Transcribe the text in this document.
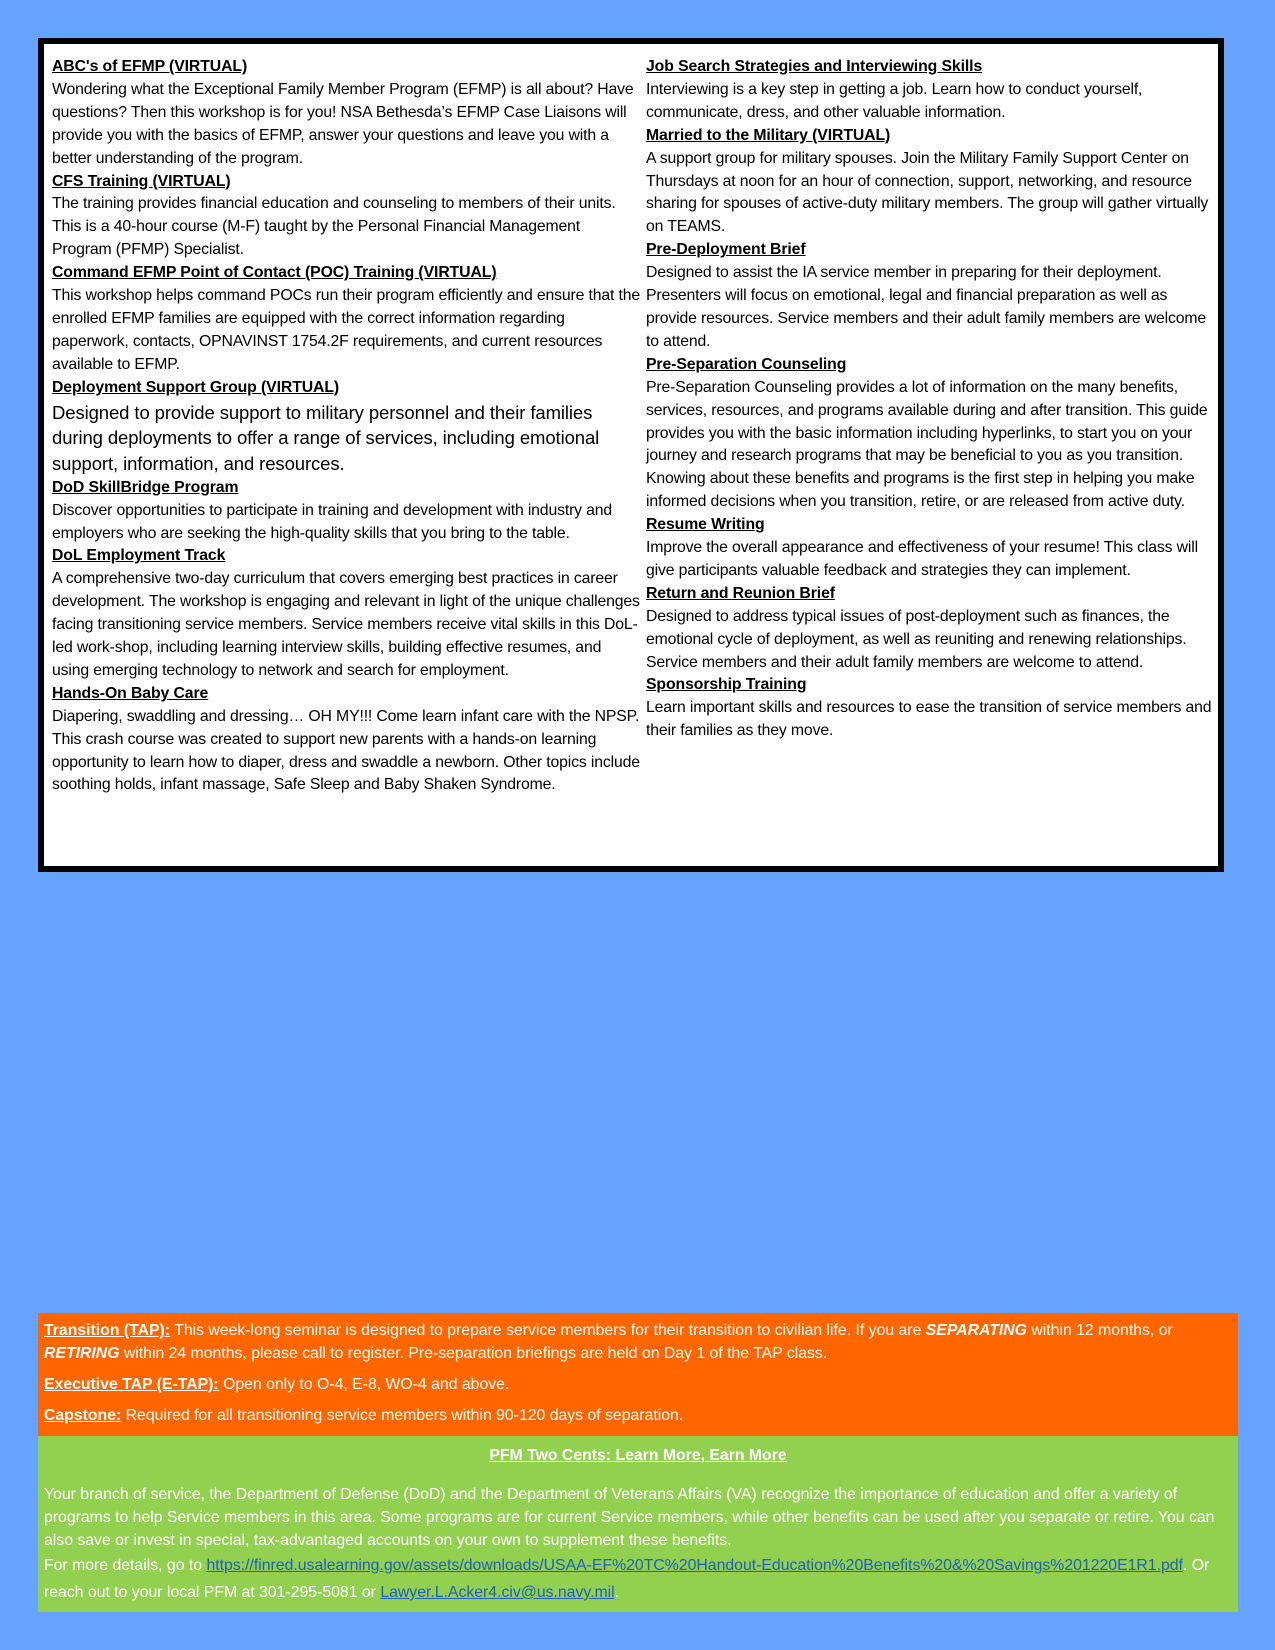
ABC's of EFMP (VIRTUAL)

Wondering what the Exceptional Family Member Program (EFMP) is all about? Have questions? Then this workshop is for you! NSA Bethesda’s EFMP Case Liaisons will provide you with the basics of EFMP, answer your questions and leave you with a better understanding of the program.

CFS Training (VIRTUAL)

The training provides financial education and counseling to members of their units. This is a 40-hour course (M-F) taught by the Personal Financial Management Program (PFMP) Specialist.

Command EFMP Point of Contact (POC) Training (VIRTUAL)

This workshop helps command POCs run their program efficiently and ensure that the enrolled EFMP families are equipped with the correct information regarding paperwork, contacts, OPNAVINST 1754.2F requirements, and current resources available to EFMP.

Deployment Support Group (VIRTUAL)

Designed to provide support to military personnel and their families during deployments to offer a range of services, including emotional support, information, and resources.

DoD SkillBridge Program

Discover opportunities to participate in training and development with industry and employers who are seeking the high-quality skills that you bring to the table.

DoL Employment Track

A comprehensive two-day curriculum that covers emerging best practices in career development. The workshop is engaging and relevant in light of the unique challenges facing transitioning service members. Service members receive vital skills in this DoL-led work-shop, including learning interview skills, building effective resumes, and using emerging technology to network and search for employment.

Hands-On Baby Care

Diapering, swaddling and dressing… OH MY!!! Come learn infant care with the NPSP. This crash course was created to support new parents with a hands-on learning opportunity to learn how to diaper, dress and swaddle a newborn. Other topics include soothing holds, infant massage, Safe Sleep and Baby Shaken Syndrome.

Job Search Strategies and Interviewing Skills

Interviewing is a key step in getting a job. Learn how to conduct yourself, communicate, dress, and other valuable information.

Married to the Military (VIRTUAL)

A support group for military spouses. Join the Military Family Support Center on Thursdays at noon for an hour of connection, support, networking, and resource sharing for spouses of active-duty military members. The group will gather virtually on TEAMS.

Pre-Deployment Brief

Designed to assist the IA service member in preparing for their deployment. Presenters will focus on emotional, legal and financial preparation as well as provide resources. Service members and their adult family members are welcome to attend.

Pre-Separation Counseling

Pre-Separation Counseling provides a lot of information on the many benefits, services, resources, and programs available during and after transition. This guide provides you with the basic information including hyperlinks, to start you on your journey and research programs that may be beneficial to you as you transition. Knowing about these benefits and programs is the first step in helping you make informed decisions when you transition, retire, or are released from active duty.

Resume Writing

Improve the overall appearance and effectiveness of your resume! This class will give participants valuable feedback and strategies they can implement.

Return and Reunion Brief

Designed to address typical issues of post-deployment such as finances, the emotional cycle of deployment, as well as reuniting and renewing relationships. Service members and their adult family members are welcome to attend.

Sponsorship Training

Learn important skills and resources to ease the transition of service members and their families as they move.

Transition (TAP): This week-long seminar is designed to prepare service members for their transition to civilian life. If you are SEPARATING within 12 months, or RETIRING within 24 months, please call to register. Pre-separation briefings are held on Day 1 of the TAP class.

Executive TAP (E-TAP): Open only to O-4, E-8, WO-4 and above.

Capstone: Required for all transitioning service members within 90-120 days of separation.

PFM Two Cents: Learn More, Earn More

Your branch of service, the Department of Defense (DoD) and the Department of Veterans Affairs (VA) recognize the importance of education and offer a variety of programs to help Service members in this area. Some programs are for current Service members, while other benefits can be used after you separate or retire. You can also save or invest in special, tax-advantaged accounts on your own to supplement these benefits.

For more details, go to https://finred.usalearning.gov/assets/downloads/USAA-EF%20TC%20Handout-Education%20Benefits%20&%20Savings%201220E1R1.pdf. Or reach out to your local PFM at 301-295-5081 or Lawyer.L.Acker4.civ@us.navy.mil.
